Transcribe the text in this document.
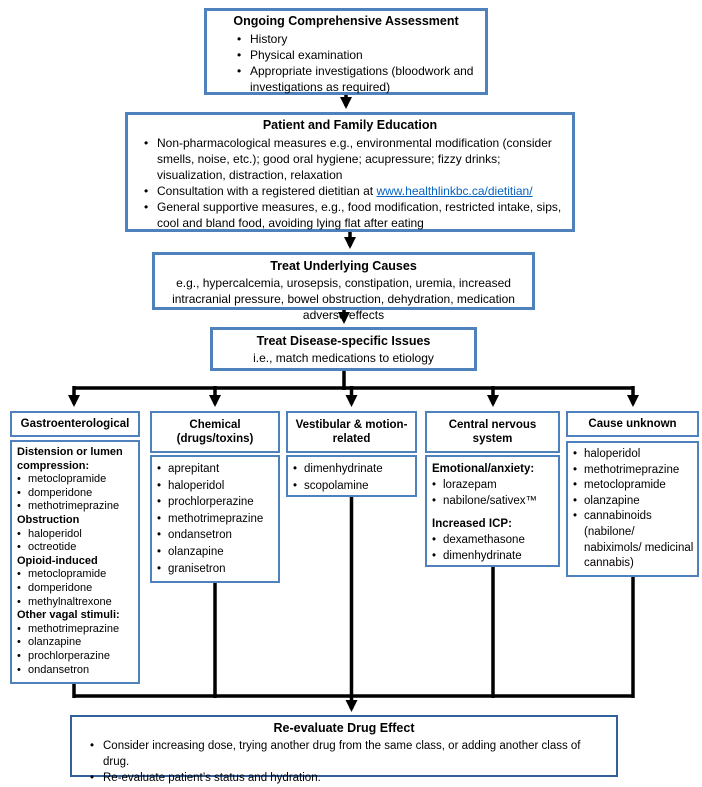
Ongoing Comprehensive Assessment
• History
• Physical examination
• Appropriate investigations (bloodwork and investigations as required)
Patient and Family Education
• Non-pharmacological measures e.g., environmental modification (consider smells, noise, etc.); good oral hygiene; acupressure; fizzy drinks; visualization, distraction, relaxation
• Consultation with a registered dietitian at www.healthlinkbc.ca/dietitian/
• General supportive measures, e.g., food modification, restricted intake, sips, cool and bland food, avoiding lying flat after eating
Treat Underlying Causes
e.g., hypercalcemia, urosepsis, constipation, uremia, increased intracranial pressure, bowel obstruction, dehydration, medication adverse effects
Treat Disease-specific Issues
i.e., match medications to etiology
Gastroenterological	Chemical (drugs/toxins)
Vestibular & motion-related
Central nervous system
Cause unknown
Distension or lumen compression:
• metoclopramide
• domperidone
• methotrimeprazine
Obstruction
• haloperidol
• octreotide
Opioid-induced
• metoclopramide
• domperidone
• methylnaltrexone
Other vagal stimuli:
• methotrimeprazine
• olanzapine
• prochlorperazine
• ondansetron
• aprepitant
• haloperidol
• prochlorperazine
• methotrimeprazine
• ondansetron
• olanzapine
• granisetron
• dimenhydrinate
• scopolamine
Emotional/anxiety:
• lorazepam
• nabilone/sativex™
Increased ICP:
• dexamethasone
• dimenhydrinate
• haloperidol
• methotrimeprazine
• metoclopramide
• olanzapine
• cannabinoids (nabilone/ nabiximols/ medicinal cannabis)
Re-evaluate Drug Effect
• Consider increasing dose, trying another drug from the same class, or adding another class of drug.
• Re-evaluate patient’s status and hydration.
